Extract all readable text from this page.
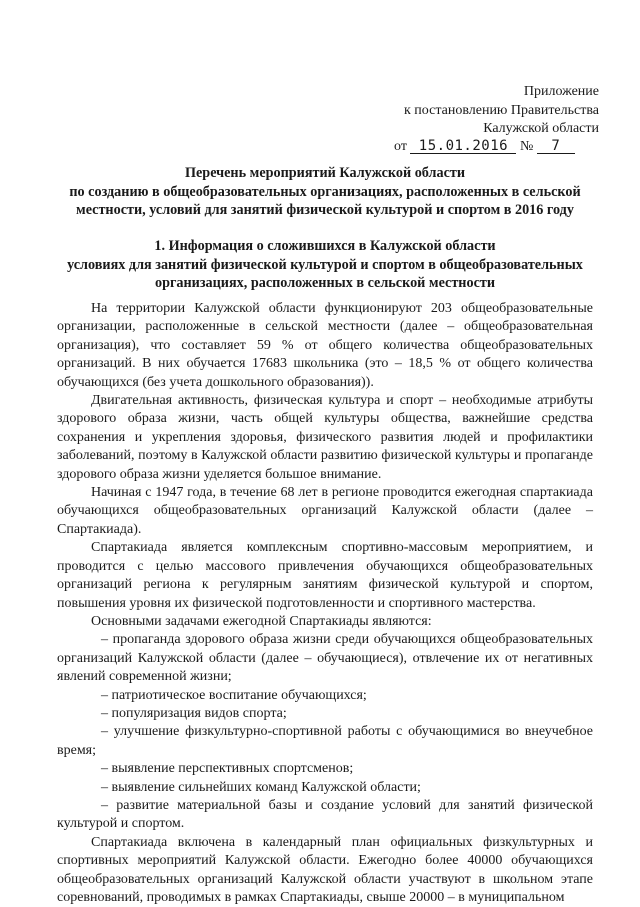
Приложение
к постановлению Правительства
Калужской области
от 15.01.2016 № 7
Перечень мероприятий Калужской области
по созданию в общеобразовательных организациях, расположенных в сельской
местности, условий для занятий физической культурой и спортом в 2016 году
1. Информация о сложившихся в Калужской области
условиях для занятий физической культурой и спортом в общеобразовательных
организациях, расположенных в сельской местности

На территории Калужской области функционируют 203 общеобразовательные организации, расположенные в сельской местности (далее – общеобразовательная организация), что составляет 59 % от общего количества общеобразовательных организаций. В них обучается 17683 школьника (это – 18,5 % от общего количества обучающихся (без учета дошкольного образования)).

Двигательная активность, физическая культура и спорт – необходимые атрибуты здорового образа жизни, часть общей культуры общества, важнейшие средства сохранения и укрепления здоровья, физического развития людей и профилактики заболеваний, поэтому в Калужской области развитию физической культуры и пропаганде здорового образа жизни уделяется большое внимание.

Начиная с 1947 года, в течение 68 лет в регионе проводится ежегодная спартакиада обучающихся общеобразовательных организаций Калужской области (далее – Спартакиада).

Спартакиада является комплексным спортивно-массовым мероприятием, и проводится с целью массового привлечения обучающихся общеобразовательных организаций региона к регулярным занятиям физической культурой и спортом, повышения уровня их физической подготовленности и спортивного мастерства.

Основными задачами ежегодной Спартакиады являются:

– пропаганда здорового образа жизни среди обучающихся общеобразовательных организаций Калужской области (далее – обучающиеся), отвлечение их от негативных явлений современной жизни;

– патриотическое воспитание обучающихся;

– популяризация видов спорта;

– улучшение физкультурно-спортивной работы с обучающимися во внеучебное время;

– выявление перспективных спортсменов;

– выявление сильнейших команд Калужской области;

– развитие материальной базы и создание условий для занятий физической культурой и спортом.

Спартакиада включена в календарный план официальных физкультурных и спортивных мероприятий Калужской области. Ежегодно более 40000 обучающихся общеобразовательных организаций Калужской области участвуют в школьном этапе соревнований, проводимых в рамках Спартакиады, свыше 20000 – в муниципальном
